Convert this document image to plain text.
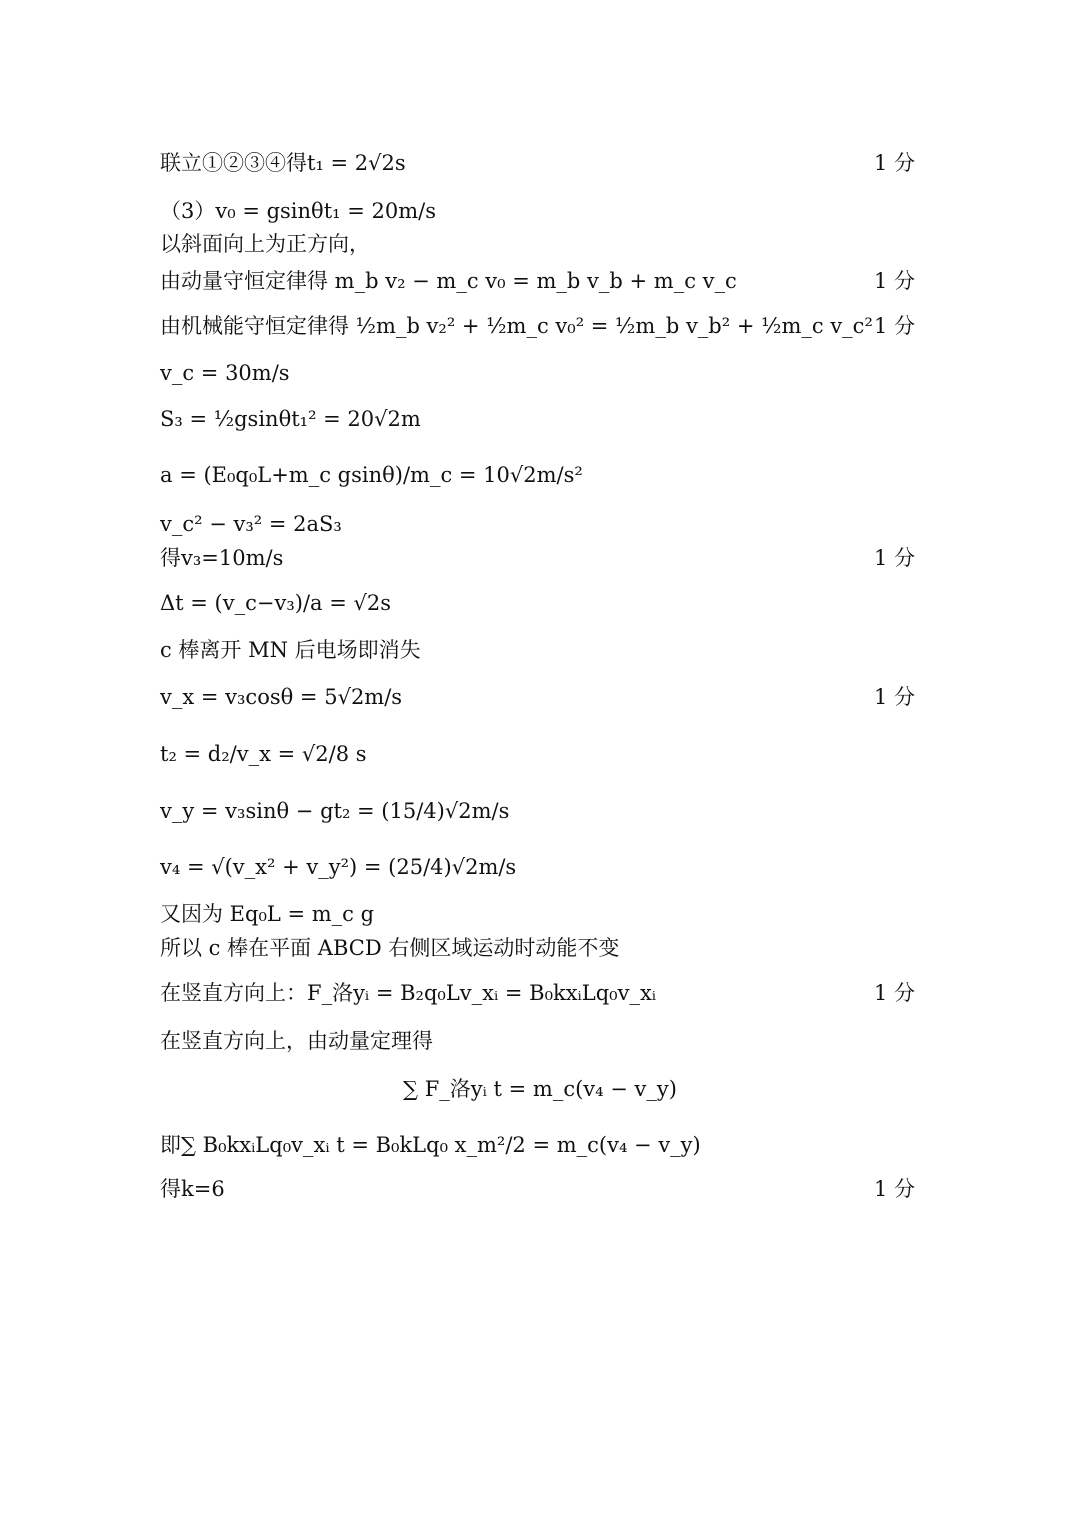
联立①②③④得t₁ = 2√2s	1 分
（3）v₀ = gsinθt₁ = 20m/s
以斜面向上为正方向，
由动量守恒定律得 m_b v₂ − m_c v₀ = m_b v_b + m_c v_c	1 分
由机械能守恒定律得 ½m_b v₂² + ½m_c v₀² = ½m_b v_b² + ½m_c v_c² 1 分
v_c = 30m/s
S₃ = ½gsinθt₁² = 20√2m
a = (E₀q₀L+m_c gsinθ)/m_c = 10√2m/s²
v_c² − v₃² = 2aS₃
得v₃=10m/s	1 分
Δt = (v_c−v₃)/a = √2s
c 棒离开 MN 后电场即消失
v_x = v₃cosθ = 5√2m/s	1 分
t₂ = d₂/v_x = √2/8 s
v_y = v₃sinθ − gt₂ = (15/4)√2m/s
v₄ = √(v_x² + v_y²) = (25/4)√2m/s
又因为 Eq₀L = m_c g
所以 c 棒在平面 ABCD 右侧区域运动时动能不变
在竖直方向上：F_洛yᵢ = B₂q₀Lv_xᵢ = B₀kxᵢLq₀v_xᵢ	1 分
在竖直方向上，由动量定理得
∑ F_洛yᵢ t = m_c(v₄ − v_y)
即∑ B₀kxᵢLq₀v_xᵢ t = B₀kLq₀ x_m²/2 = m_c(v₄ − v_y)
得k=6	1 分
